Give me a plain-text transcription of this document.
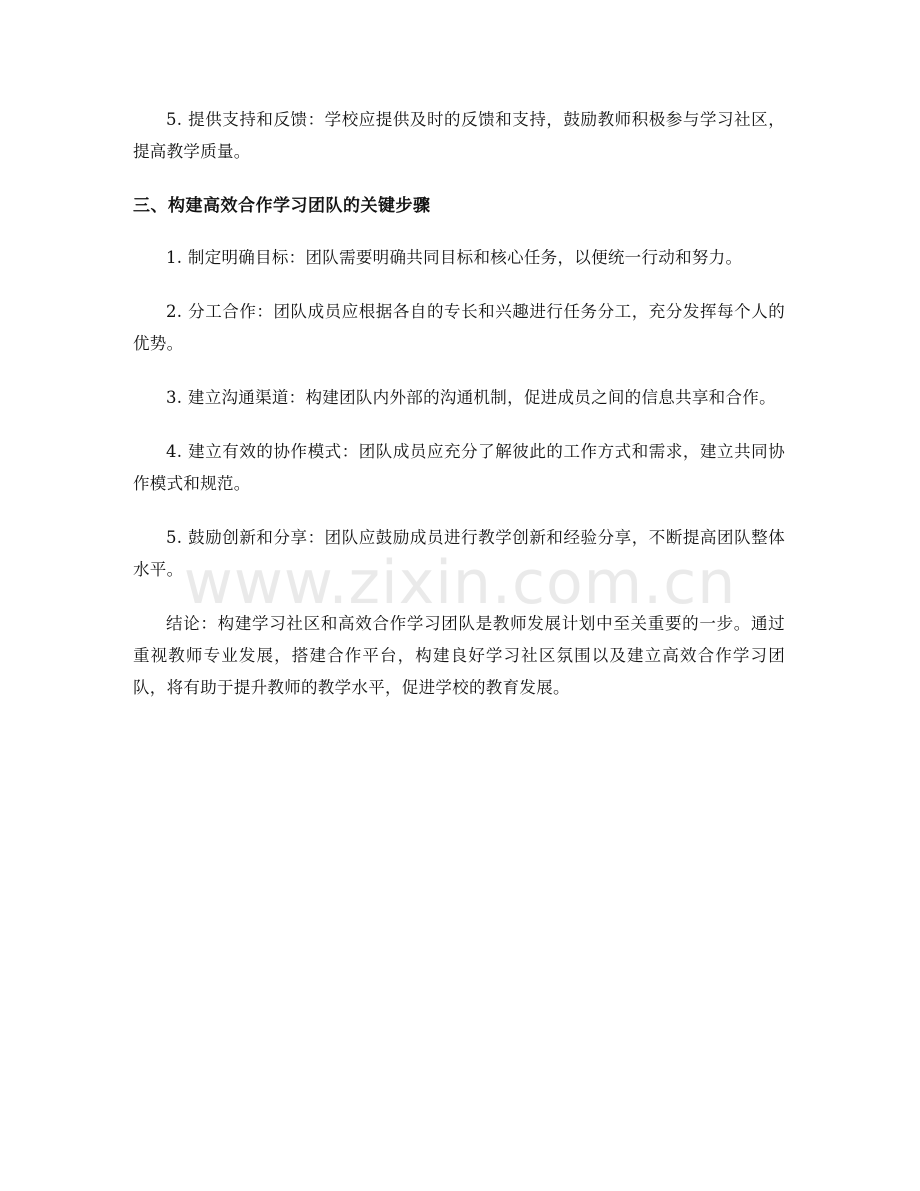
5. 提供支持和反馈：学校应提供及时的反馈和支持，鼓励教师积极参与学习社区，提高教学质量。

三、构建高效合作学习团队的关键步骤

1. 制定明确目标：团队需要明确共同目标和核心任务，以便统一行动和努力。

2. 分工合作：团队成员应根据各自的专长和兴趣进行任务分工，充分发挥每个人的优势。

3. 建立沟通渠道：构建团队内外部的沟通机制，促进成员之间的信息共享和合作。

4. 建立有效的协作模式：团队成员应充分了解彼此的工作方式和需求，建立共同协作模式和规范。

5. 鼓励创新和分享：团队应鼓励成员进行教学创新和经验分享，不断提高团队整体水平。

结论：构建学习社区和高效合作学习团队是教师发展计划中至关重要的一步。通过重视教师专业发展，搭建合作平台，构建良好学习社区氛围以及建立高效合作学习团队，将有助于提升教师的教学水平，促进学校的教育发展。

www.zixin.com.cn
